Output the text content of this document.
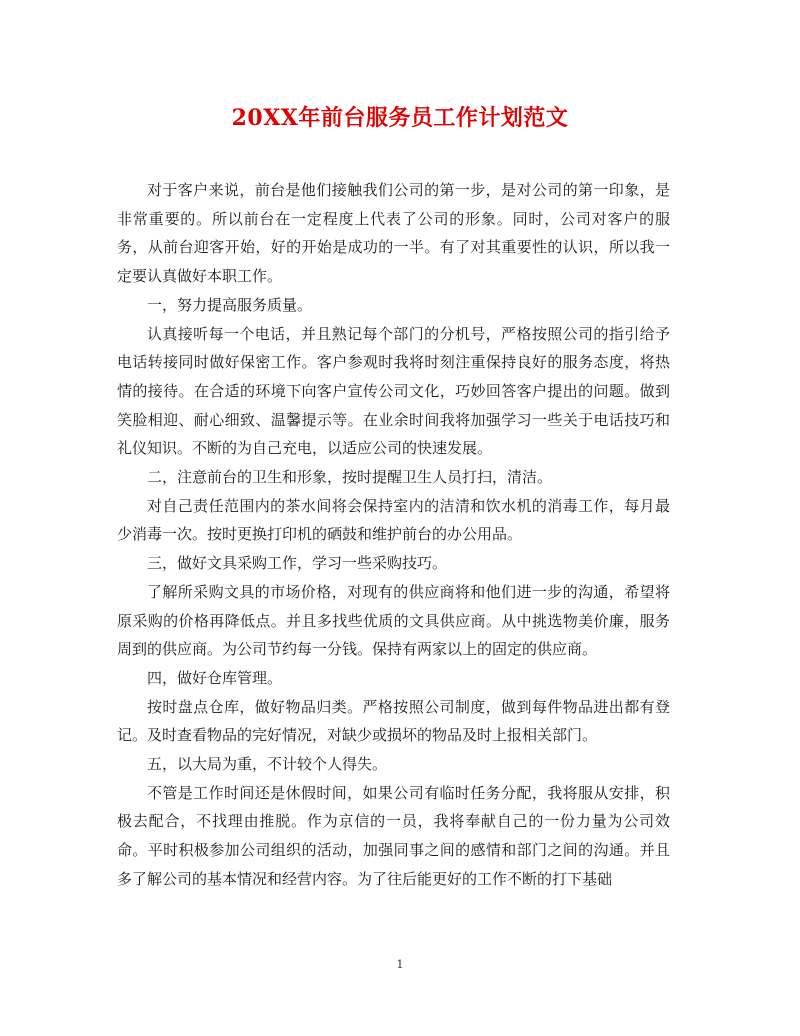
20XX年前台服务员工作计划范文

对于客户来说，前台是他们接触我们公司的第一步，是对公司的第一印象，是非常重要的。所以前台在一定程度上代表了公司的形象。同时，公司对客户的服务，从前台迎客开始，好的开始是成功的一半。有了对其重要性的认识，所以我一定要认真做好本职工作。

一，努力提高服务质量。

认真接听每一个电话，并且熟记每个部门的分机号，严格按照公司的指引给予电话转接同时做好保密工作。客户参观时我将时刻注重保持良好的服务态度，将热情的接待。在合适的环境下向客户宣传公司文化，巧妙回答客户提出的问题。做到笑脸相迎、耐心细致、温馨提示等。在业余时间我将加强学习一些关于电话技巧和礼仪知识。不断的为自己充电，以适应公司的快速发展。

二，注意前台的卫生和形象，按时提醒卫生人员打扫，清洁。

对自己责任范围内的茶水间将会保持室内的洁清和饮水机的消毒工作，每月最少消毒一次。按时更换打印机的硒鼓和维护前台的办公用品。

三，做好文具采购工作，学习一些采购技巧。

了解所采购文具的市场价格，对现有的供应商将和他们进一步的沟通，希望将原采购的价格再降低点。并且多找些优质的文具供应商。从中挑选物美价廉，服务周到的供应商。为公司节约每一分钱。保持有两家以上的固定的供应商。

四，做好仓库管理。

按时盘点仓库，做好物品归类。严格按照公司制度，做到每件物品进出都有登记。及时查看物品的完好情况，对缺少或损坏的物品及时上报相关部门。

五，以大局为重，不计较个人得失。

不管是工作时间还是休假时间，如果公司有临时任务分配，我将服从安排，积极去配合，不找理由推脱。作为京信的一员，我将奉献自己的一份力量为公司效命。平时积极参加公司组织的活动，加强同事之间的感情和部门之间的沟通。并且多了解公司的基本情况和经营内容。为了往后能更好的工作不断的打下基础

1
